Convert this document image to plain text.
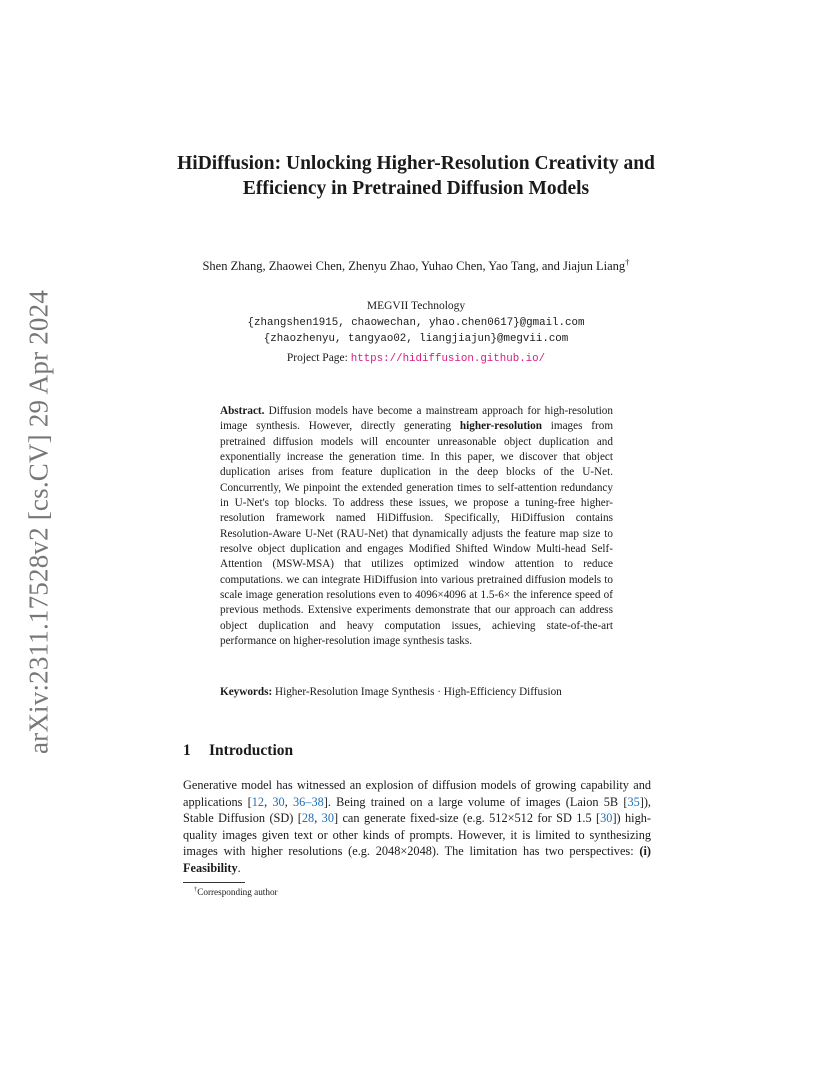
arXiv:2311.17528v2 [cs.CV] 29 Apr 2024
HiDiffusion: Unlocking Higher-Resolution Creativity and Efficiency in Pretrained Diffusion Models
Shen Zhang, Zhaowei Chen, Zhenyu Zhao, Yuhao Chen, Yao Tang, and Jiajun Liang†
MEGVII Technology
{zhangshen1915, chaowechan, yhao.chen0617}@gmail.com
{zhaozhenyu, tangyao02, liangjiajun}@megvii.com
Project Page: https://hidiffusion.github.io/
Abstract. Diffusion models have become a mainstream approach for high-resolution image synthesis. However, directly generating higher-resolution images from pretrained diffusion models will encounter unreasonable object duplication and exponentially increase the generation time. In this paper, we discover that object duplication arises from feature duplication in the deep blocks of the U-Net. Concurrently, We pinpoint the extended generation times to self-attention redundancy in U-Net's top blocks. To address these issues, we propose a tuning-free higher-resolution framework named HiDiffusion. Specifically, HiDiffusion contains Resolution-Aware U-Net (RAU-Net) that dynamically adjusts the feature map size to resolve object duplication and engages Modified Shifted Window Multi-head Self-Attention (MSW-MSA) that utilizes optimized window attention to reduce computations. we can integrate HiDiffusion into various pretrained diffusion models to scale image generation resolutions even to 4096×4096 at 1.5-6× the inference speed of previous methods. Extensive experiments demonstrate that our approach can address object duplication and heavy computation issues, achieving state-of-the-art performance on higher-resolution image synthesis tasks.
Keywords: Higher-Resolution Image Synthesis · High-Efficiency Diffusion
1 Introduction
Generative model has witnessed an explosion of diffusion models of growing capability and applications [12, 30, 36–38]. Being trained on a large volume of images (Laion 5B [35]), Stable Diffusion (SD) [28, 30] can generate fixed-size (e.g. 512×512 for SD 1.5 [30]) high-quality images given text or other kinds of prompts. However, it is limited to synthesizing images with higher resolutions (e.g. 2048×2048). The limitation has two perspectives: (i) Feasibility.
†Corresponding author
